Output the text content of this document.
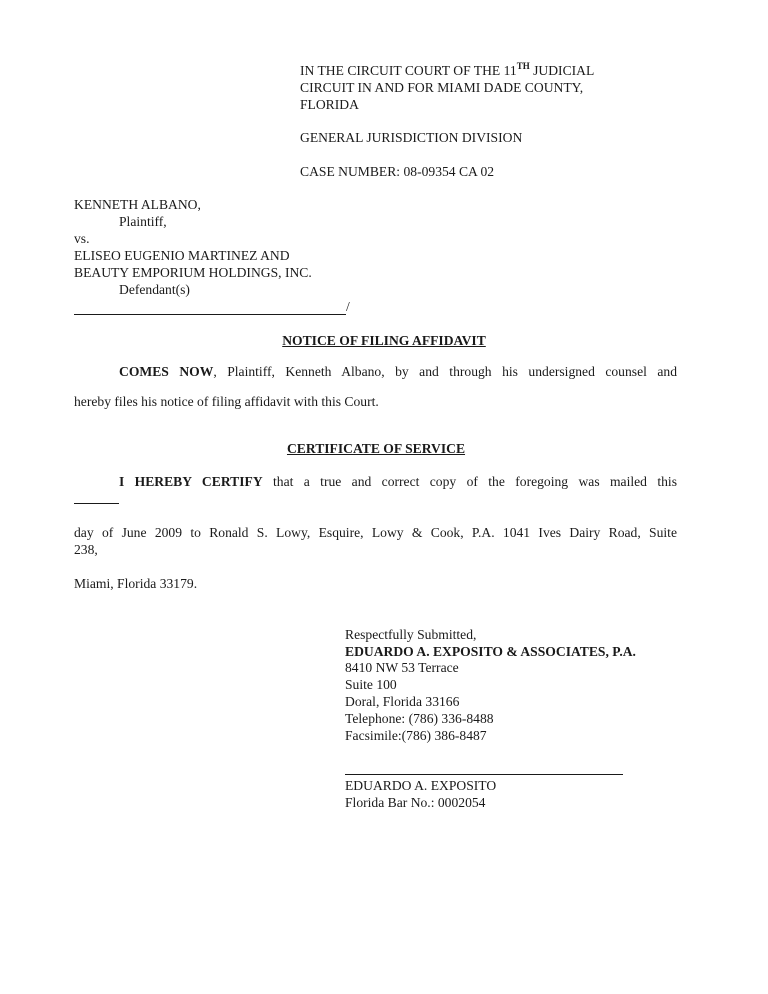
IN THE CIRCUIT COURT OF THE 11TH JUDICIAL
CIRCUIT IN AND FOR MIAMI DADE COUNTY,
FLORIDA
GENERAL JURISDICTION DIVISION
CASE NUMBER: 08-09354 CA 02
KENNETH ALBANO,
Plaintiff,
vs.
ELISEO EUGENIO MARTINEZ AND
BEAUTY EMPORIUM HOLDINGS, INC.
Defendant(s)
/
NOTICE OF FILING AFFIDAVIT
COMES NOW, Plaintiff, Kenneth Albano, by and through his undersigned counsel and
hereby files his notice of filing affidavit with this Court.
CERTIFICATE OF SERVICE
I HEREBY CERTIFY that a true and correct copy of the foregoing was mailed this
day of June 2009 to Ronald S. Lowy, Esquire, Lowy & Cook, P.A. 1041 Ives Dairy Road, Suite
238,
Miami, Florida 33179.
Respectfully Submitted,
EDUARDO A. EXPOSITO & ASSOCIATES, P.A.
8410 NW 53 Terrace
Suite 100
Doral, Florida 33166
Telephone: (786) 336-8488
Facsimile:(786) 386-8487
EDUARDO A. EXPOSITO
Florida Bar No.: 0002054
